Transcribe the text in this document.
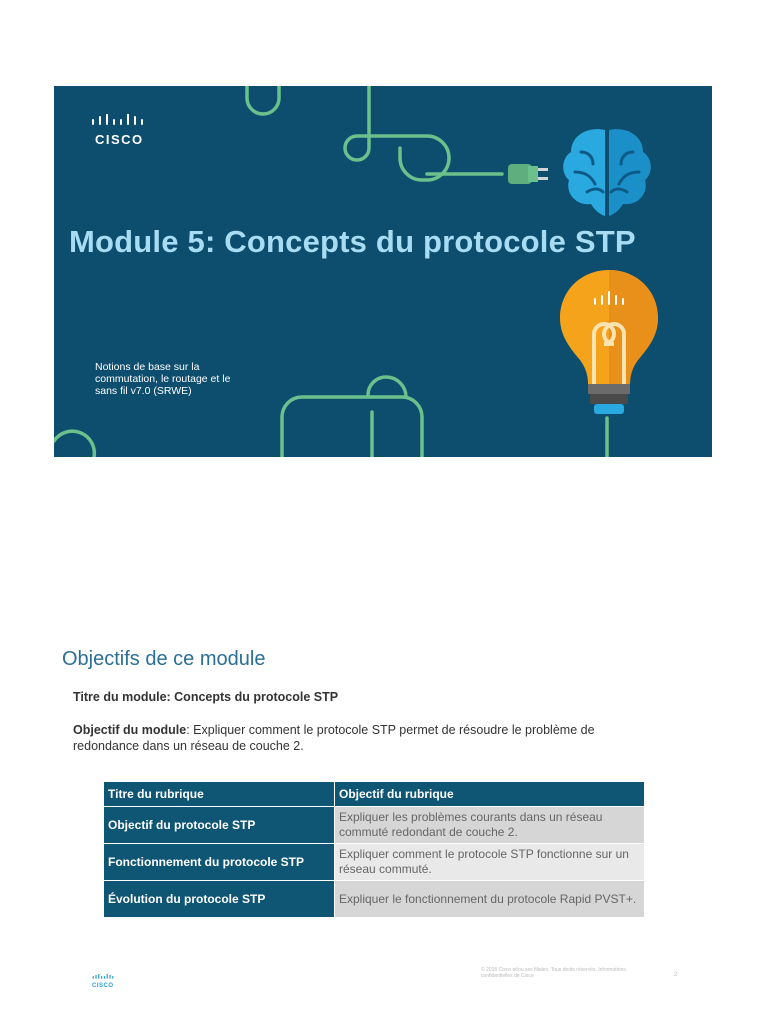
CISCO
Module 5: Concepts du protocole STP
Notions de base sur la commutation, le routage et le sans fil v7.0 (SRWE)
Objectifs de ce module
Titre du module: Concepts du protocole STP
Objectif du module: Expliquer comment le protocole STP permet de résoudre le problème de redondance dans un réseau de couche 2.
Titre du rubrique	Objectif du rubrique
Objectif du protocole STP	Expliquer les problèmes courants dans un réseau commuté redondant de couche 2.
Fonctionnement du protocole STP	Expliquer comment le protocole STP fonctionne sur un réseau commuté.
Évolution du protocole STP	Expliquer le fonctionnement du protocole Rapid PVST+.
CISCO
© 2016 Cisco et/ou ses filiales. Tous droits réservés. Informations confidentielles de Cisco	2
